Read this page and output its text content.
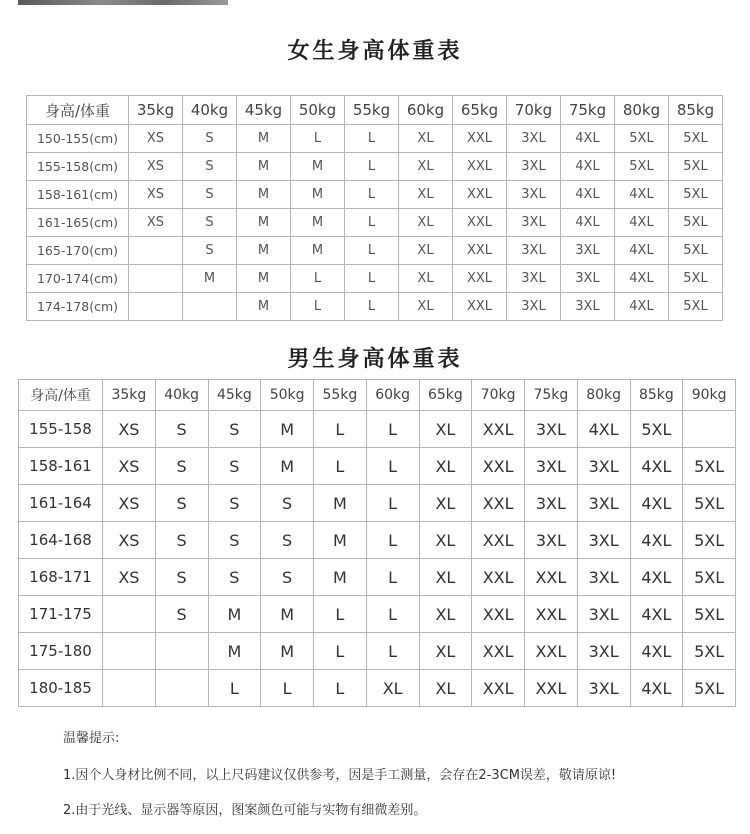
女生身高体重表
身高/体重	35kg	40kg	45kg	50kg	55kg	60kg	65kg	70kg	75kg	80kg	85kg
150-155(cm)	XS	S	M	L	L	XL	XXL	3XL	4XL	5XL	5XL
155-158(cm)	XS	S	M	M	L	XL	XXL	3XL	4XL	5XL	5XL
158-161(cm)	XS	S	M	M	L	XL	XXL	3XL	4XL	4XL	5XL
161-165(cm)	XS	S	M	M	L	XL	XXL	3XL	4XL	4XL	5XL
165-170(cm)		S	M	M	L	XL	XXL	3XL	3XL	4XL	5XL
170-174(cm)		M	M	L	L	XL	XXL	3XL	3XL	4XL	5XL
174-178(cm)			M	L	L	XL	XXL	3XL	3XL	4XL	5XL
男生身高体重表
身高/体重	35kg	40kg	45kg	50kg	55kg	60kg	65kg	70kg	75kg	80kg	85kg	90kg
155-158	XS	S	S	M	L	L	XL	XXL	3XL	4XL	5XL	
158-161	XS	S	S	M	L	L	XL	XXL	3XL	3XL	4XL	5XL
161-164	XS	S	S	S	M	L	XL	XXL	3XL	3XL	4XL	5XL
164-168	XS	S	S	S	M	L	XL	XXL	3XL	3XL	4XL	5XL
168-171	XS	S	S	S	M	L	XL	XXL	XXL	3XL	4XL	5XL
171-175		S	M	M	L	L	XL	XXL	XXL	3XL	4XL	5XL
175-180			M	M	L	L	XL	XXL	XXL	3XL	4XL	5XL
180-185			L	L	L	XL	XL	XXL	XXL	3XL	4XL	5XL
温馨提示:
1.因个人身材比例不同，以上尺码建议仅供参考，因是手工测量，会存在2-3CM误差，敬请原谅!
2.由于光线、显示器等原因，图案颜色可能与实物有细微差别。
